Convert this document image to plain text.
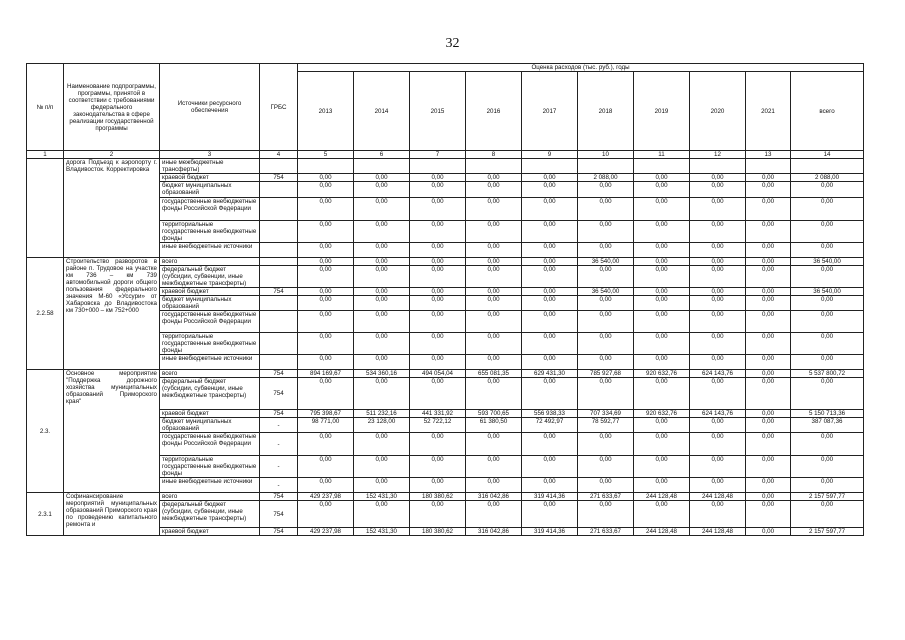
32
№ п/п	Наименование подпрограммы, программы, принятой в соответствии с требованиями федерального законодательства в сфере реализации государственной программы	Источники ресурсного обеспечения	ГРБС	Оценка расходов (тыс. руб.), годы									
				2013	2014	2015	2016	2017	2018	2019	2020	2021	всего
1	2	3	4	5	6	7	8	9	10	11	12	13	14
	дорога Подъезд к аэропорту г. Владивосток. Корректировка	иные межбюджетные трансферты)											
		краевой бюджет	754	0,00	0,00	0,00	0,00	0,00	2 088,00	0,00	0,00	0,00	2 088,00
		бюджет муниципальных образований		0,00	0,00	0,00	0,00	0,00	0,00	0,00	0,00	0,00	0,00
		государственные внебюджетные фонды Российской Федерации		0,00	0,00	0,00	0,00	0,00	0,00	0,00	0,00	0,00	0,00
		территориальные государственные внебюджетные фонды		0,00	0,00	0,00	0,00	0,00	0,00	0,00	0,00	0,00	0,00
		иные внебюджетные источники		0,00	0,00	0,00	0,00	0,00	0,00	0,00	0,00	0,00	0,00
2.2.58	Строительство разворотов в районе п. Трудовое на участке км 736 – км 739 автомобильной дороги общего пользования федерального значения М-60 «Уссури» от Хабаровска до Владивостока км 730+000 – км 752+000	всего		0,00	0,00	0,00	0,00	0,00	36 540,00	0,00	0,00	0,00	36 540,00
		федеральный бюджет (субсидии, субвенции, иные межбюджетные трансферты)		0,00	0,00	0,00	0,00	0,00	0,00	0,00	0,00	0,00	0,00
		краевой бюджет	754	0,00	0,00	0,00	0,00	0,00	36 540,00	0,00	0,00	0,00	36 540,00
		бюджет муниципальных образований		0,00	0,00	0,00	0,00	0,00	0,00	0,00	0,00	0,00	0,00
		государственные внебюджетные фонды Российской Федерации		0,00	0,00	0,00	0,00	0,00	0,00	0,00	0,00	0,00	0,00
		территориальные государственные внебюджетные фонды		0,00	0,00	0,00	0,00	0,00	0,00	0,00	0,00	0,00	0,00
		иные внебюджетные источники		0,00	0,00	0,00	0,00	0,00	0,00	0,00	0,00	0,00	0,00
2.3.	Основное мероприятие "Поддержка дорожного хозяйства муниципальных образований Приморского края"	всего	754	894 169,67	534 360,16	494 054,04	655 081,35	629 431,30	785 927,68	920 632,76	624 143,76	0,00	5 537 800,72
		федеральный бюджет (субсидии, субвенции, иные межбюджетные трансферты)	754	0,00	0,00	0,00	0,00	0,00	0,00	0,00	0,00	0,00	0,00
		краевой бюджет	754	795 398,67	511 232,16	441 331,92	593 700,65	556 938,33	707 334,69	920 632,76	624 143,76	0,00	5 150 713,36
		бюджет муниципальных образований	-	98 771,00	23 128,00	52 722,12	61 380,50	72 492,97	78 592,77	0,00	0,00	0,00	387 087,36
		государственные внебюджетные фонды Российской Федерации	-	0,00	0,00	0,00	0,00	0,00	0,00	0,00	0,00	0,00	0,00
		территориальные государственные внебюджетные фонды	-	0,00	0,00	0,00	0,00	0,00	0,00	0,00	0,00	0,00	0,00
		иные внебюджетные источники	-	0,00	0,00	0,00	0,00	0,00	0,00	0,00	0,00	0,00	0,00
2.3.1	Софинансирование мероприятий муниципальных образований Приморского края по проведению капитального ремонта и	всего	754	429 237,98	152 431,30	180 380,62	316 042,86	319 414,36	271 633,67	244 128,48	244 128,48	0,00	2 157 597,77
		федеральный бюджет (субсидии, субвенции, иные межбюджетные трансферты)	754	0,00	0,00	0,00	0,00	0,00	0,00	0,00	0,00	0,00	0,00
		краевой бюджет	754	429 237,98	152 431,30	180 380,62	316 042,86	319 414,36	271 633,67	244 128,48	244 128,48	0,00	2 157 597,77
